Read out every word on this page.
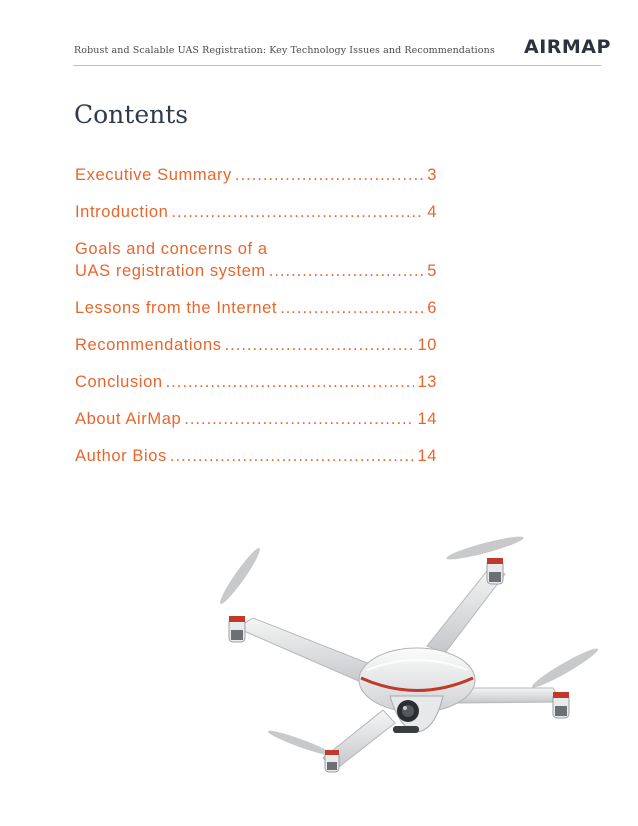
Robust and Scalable UAS Registration: Key Technology Issues and Recommendations AIRMAP
Contents
Executive Summary .....	3
Introduction .....	4
Goals and concerns of a
UAS registration system .....	5
Lessons from the Internet .....	6
Recommendations .....	10
Conclusion .....	13
About AirMap .....	14
Author Bios .....	14
